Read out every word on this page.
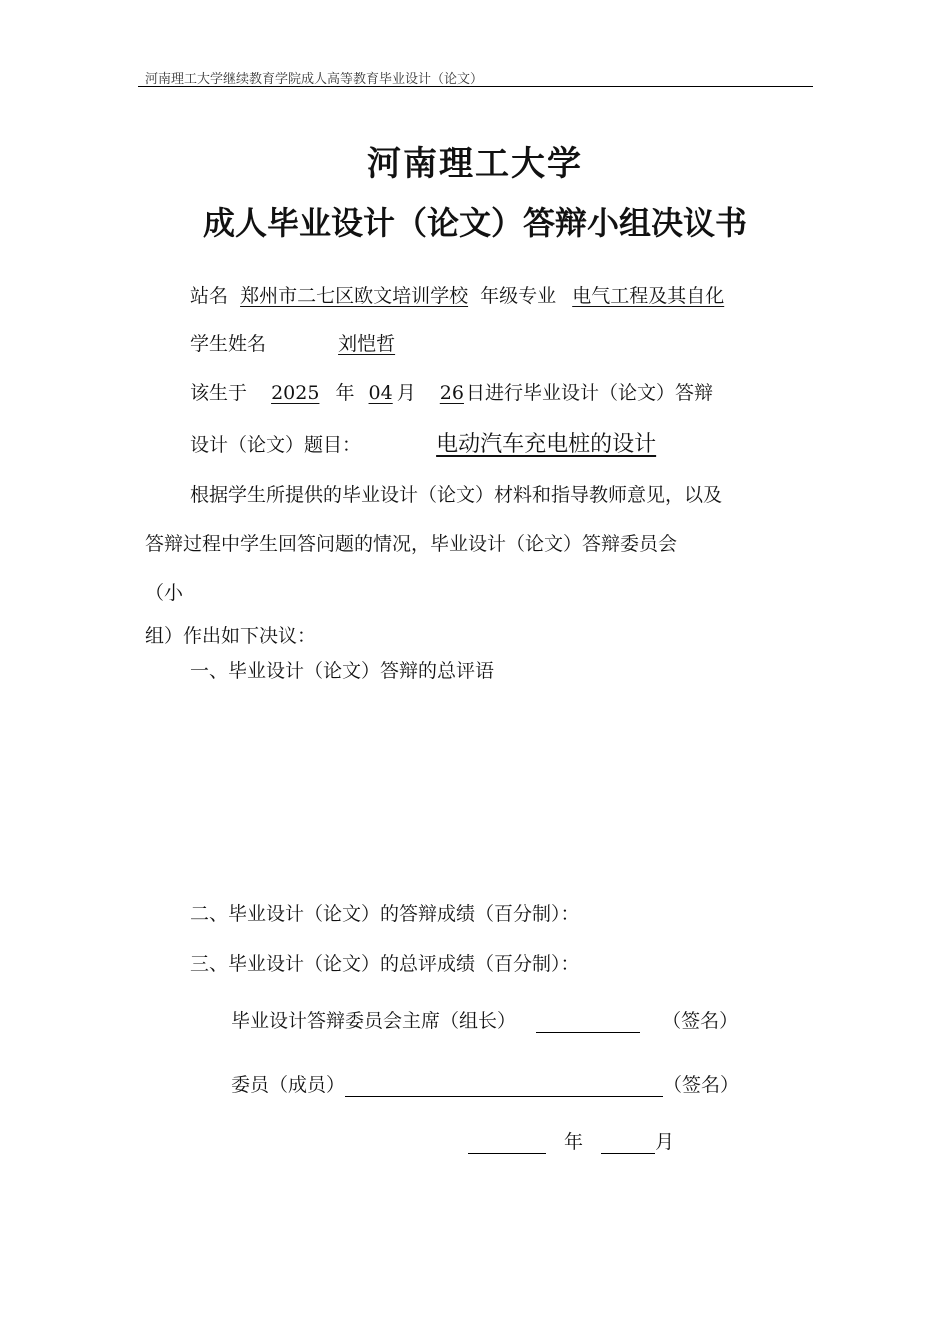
河南理工大学继续教育学院成人高等教育毕业设计（论文）
河南理工大学
成人毕业设计（论文）答辩小组决议书
站名 郑州市二七区欧文培训学校 年级专业 电气工程及其自化
学生姓名	刘恺哲
该生于 2025 年 04 月 26 日进行毕业设计（论文）答辩
设计（论文）题目：	电动汽车充电桩的设计
根据学生所提供的毕业设计（论文）材料和指导教师意见，以及
答辩过程中学生回答问题的情况，毕业设计（论文）答辩委员会
（小
组）作出如下决议：
一、毕业设计（论文）答辩的总评语
二、毕业设计（论文）的答辩成绩（百分制）：
三、毕业设计（论文）的总评成绩（百分制）：
毕业设计答辩委员会主席（组长）	（签名）
委员（成员）	（签名）
年	月
